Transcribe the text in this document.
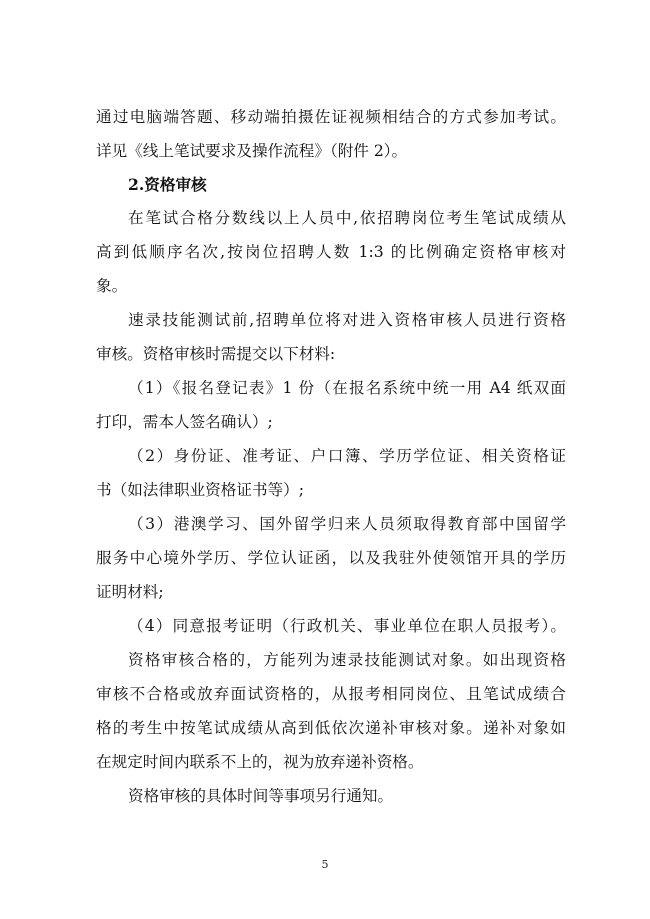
通过电脑端答题、移动端拍摄佐证视频相结合的方式参加考试。
详见《线上笔试要求及操作流程》（附件 2）。
2.资格审核
在笔试合格分数线以上人员中,依招聘岗位考生笔试成绩从
高到低顺序名次,按岗位招聘人数 1:3 的比例确定资格审核对
象。
速录技能测试前,招聘单位将对进入资格审核人员进行资格
审核。资格审核时需提交以下材料:
（1）《报名登记表》1 份（在报名系统中统一用 A4 纸双面
打印，需本人签名确认）;
（2）身份证、准考证、户口簿、学历学位证、相关资格证
书（如法律职业资格证书等）;
（3）港澳学习、国外留学归来人员须取得教育部中国留学
服务中心境外学历、学位认证函，以及我驻外使领馆开具的学历
证明材料;
（4）同意报考证明（行政机关、事业单位在职人员报考）。
资格审核合格的，方能列为速录技能测试对象。如出现资格
审核不合格或放弃面试资格的，从报考相同岗位、且笔试成绩合
格的考生中按笔试成绩从高到低依次递补审核对象。递补对象如
在规定时间内联系不上的，视为放弃递补资格。
资格审核的具体时间等事项另行通知。
5
